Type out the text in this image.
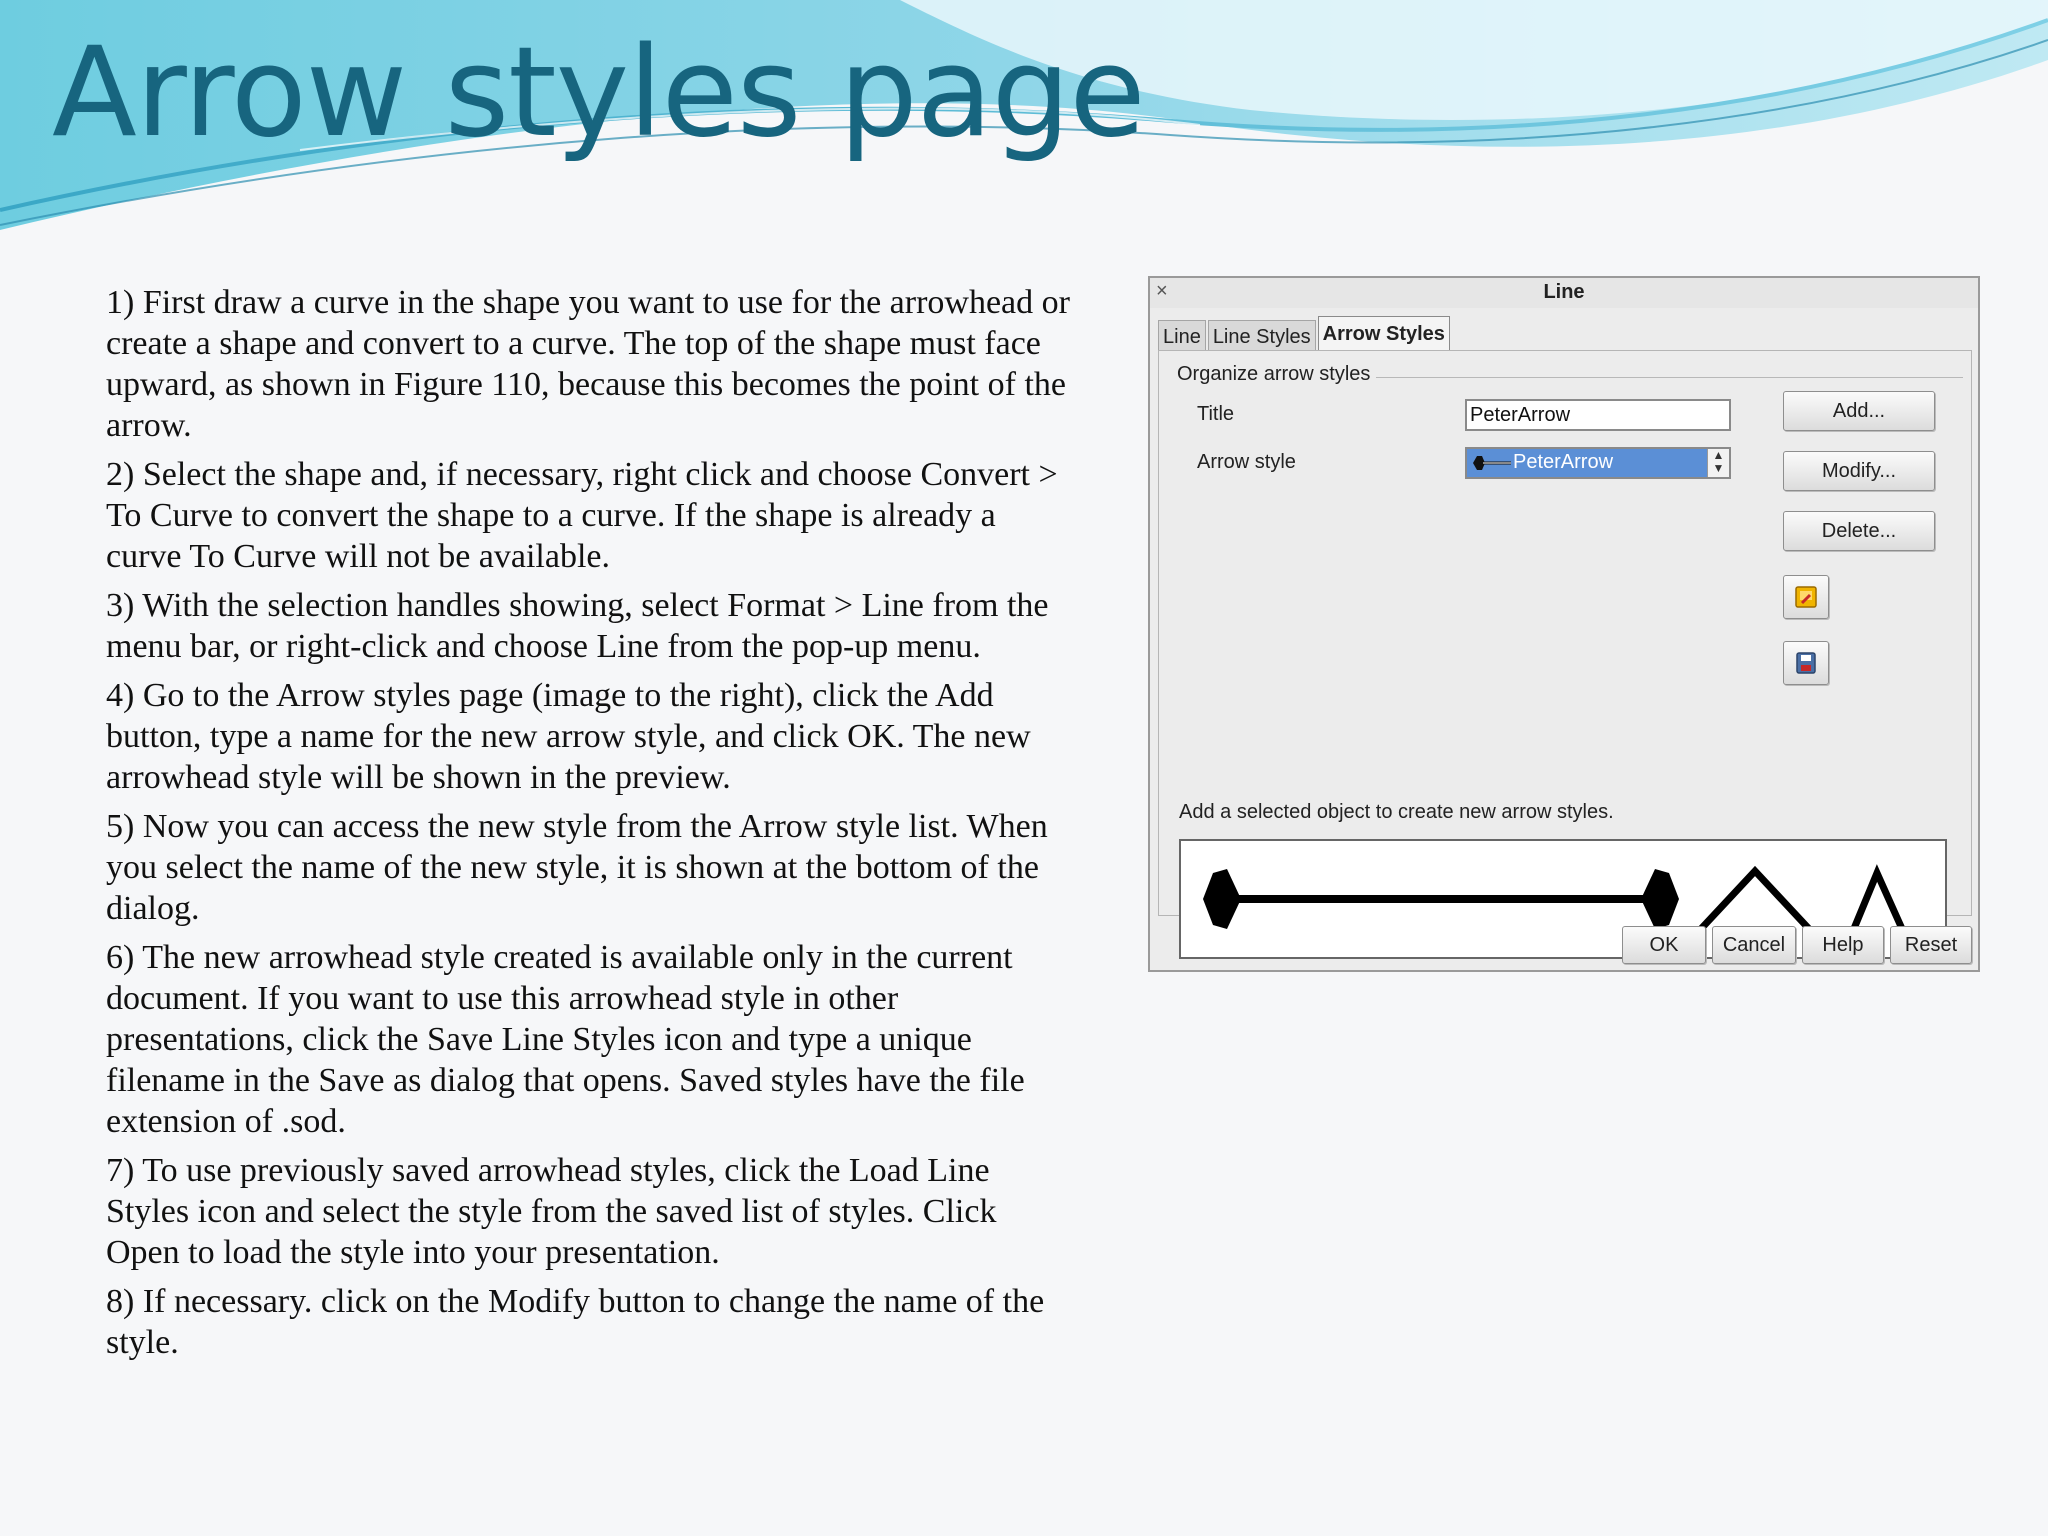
Arrow styles page

1) First draw a curve in the shape you want to use for the arrowhead or create a shape and convert to a curve. The top of the shape must face upward, as shown in Figure 110, because this becomes the point of the arrow.

2) Select the shape and, if necessary, right click and choose Convert > To Curve to convert the shape to a curve. If the shape is already a curve To Curve will not be available.

3) With the selection handles showing, select Format > Line from the menu bar, or right-click and choose Line from the pop-up menu.

4) Go to the Arrow styles page (image to the right), click the Add button, type a name for the new arrow style, and click OK. The new arrowhead style will be shown in the preview.

5) Now you can access the new style from the Arrow style list. When you select the name of the new style, it is shown at the bottom of the dialog.

6) The new arrowhead style created is available only in the current document. If you want to use this arrowhead style in other presentations, click the Save Line Styles icon and type a unique filename in the Save as dialog that opens. Saved styles have the file extension of .sod.

7) To use previously saved arrowhead styles, click the Load Line Styles icon and select the style from the saved list of styles. Click Open to load the style into your presentation.

8) If necessary. click on the Modify button to change the name of the style.

×	Line
Line Line Styles Arrow Styles
Organize arrow styles
Title
PeterArrow
Arrow style	PeterArrow	▲
▼
Add...
Modify...
Delete...
Add a selected object to create new arrow styles.
OK	Cancel	Help	Reset
